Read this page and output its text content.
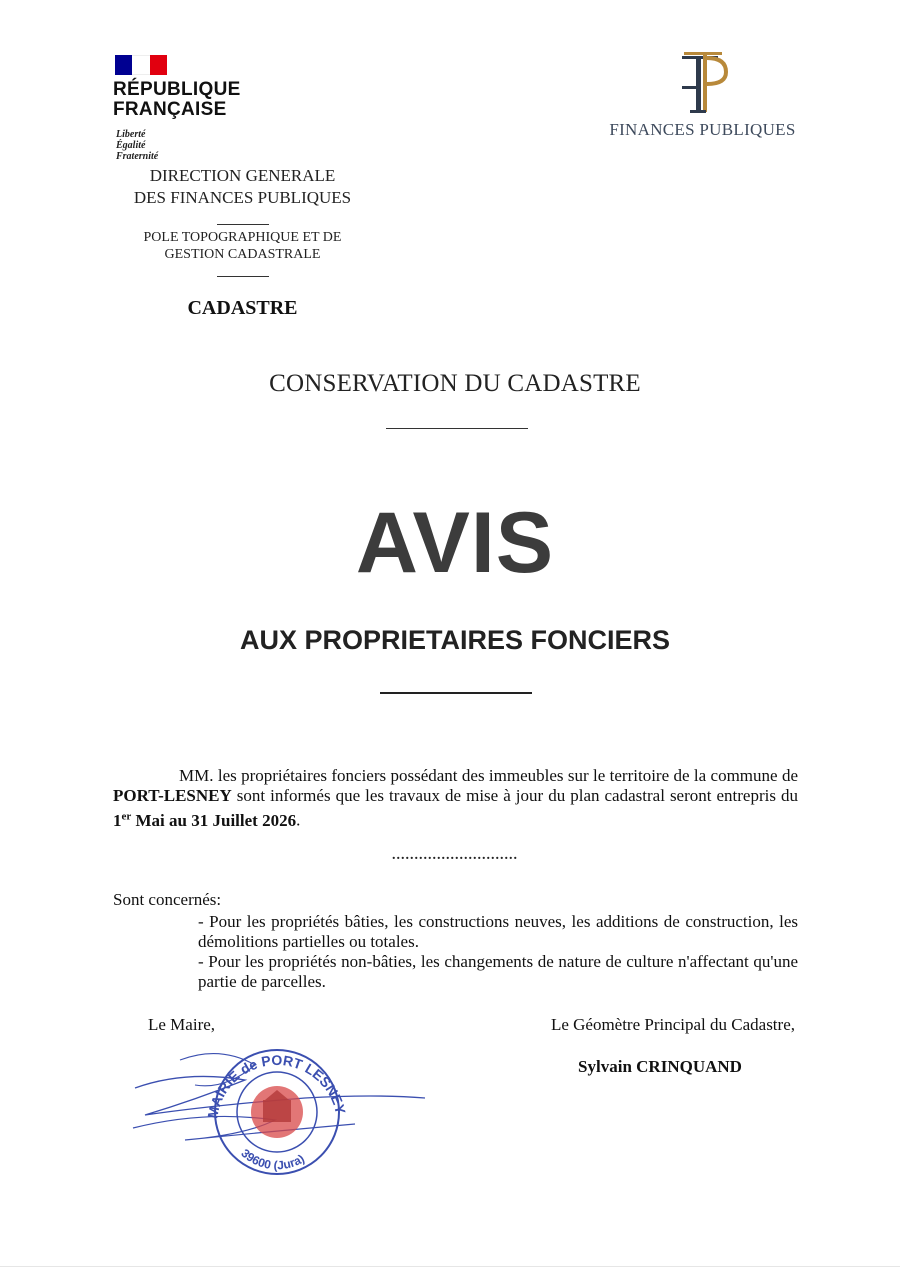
RÉPUBLIQUE
FRANÇAISE
Liberté
Égalité
Fraternité
DIRECTION GENERALE
DES FINANCES PUBLIQUES
POLE TOPOGRAPHIQUE ET DE
GESTION CADASTRALE
CADASTRE
FINANCES PUBLIQUES
CONSERVATION DU CADASTRE
AVIS
AUX PROPRIETAIRES FONCIERS
MM. les propriétaires fonciers possédant des immeubles sur le territoire de la commune de PORT-LESNEY sont informés que les travaux de mise à jour du plan cadastral seront entrepris du 1er Mai au 31 Juillet 2026.
............................
Sont concernés:

- Pour les propriétés bâties, les constructions neuves, les additions de construction, les démolitions partielles ou totales.

- Pour les propriétés non-bâties, les changements de nature de culture n'affectant qu'une partie de parcelles.

Le Maire,	Le Géomètre Principal du Cadastre,
Sylvain CRINQUAND
MAIRIE de PORT LESNEY
39600 (Jura)
